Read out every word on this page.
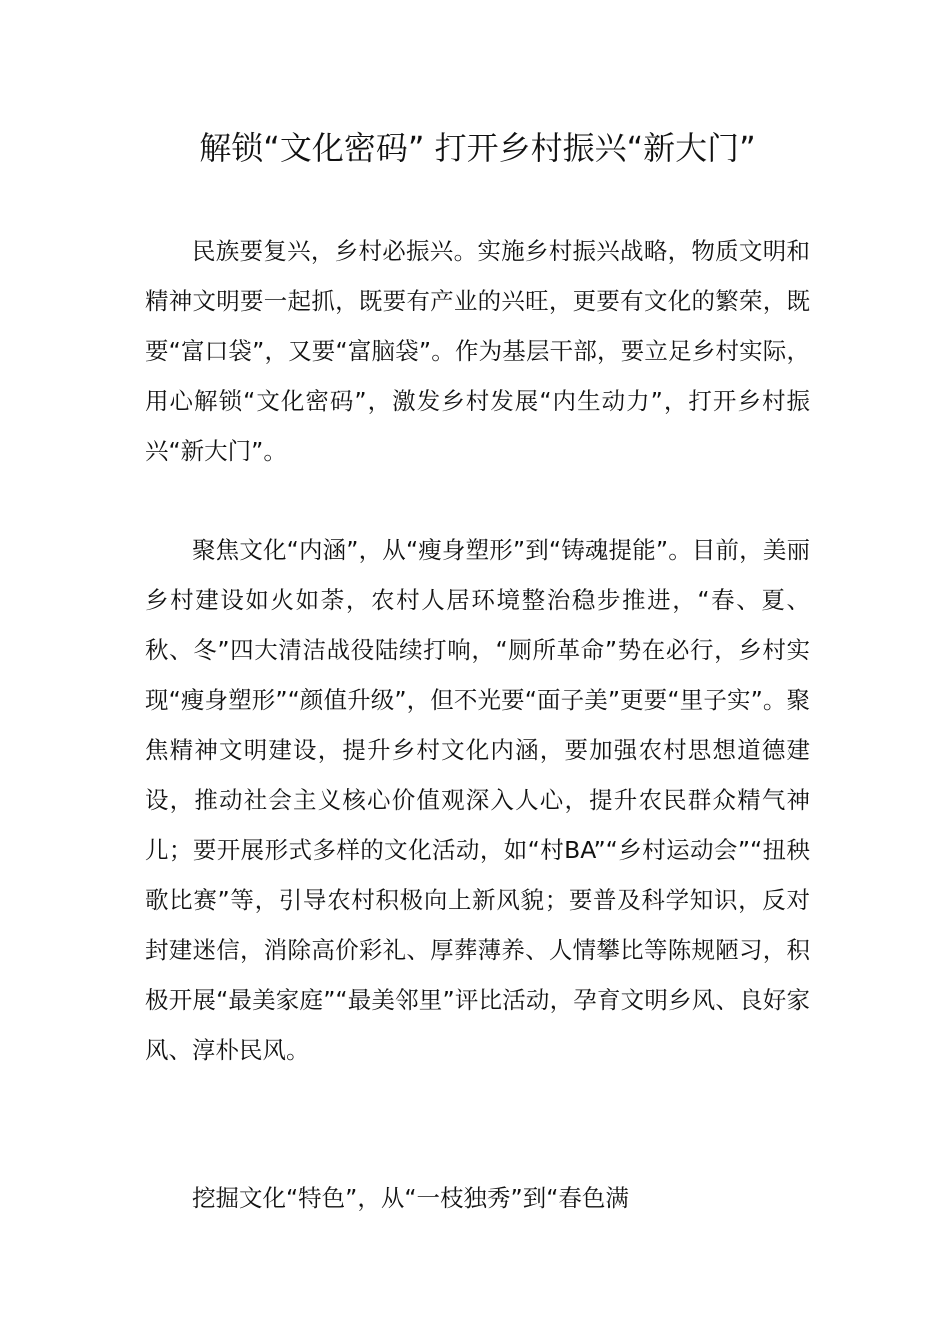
解锁“文化密码” 打开乡村振兴“新大门”

民族要复兴，乡村必振兴。实施乡村振兴战略，物质文明和精神文明要一起抓，既要有产业的兴旺，更要有文化的繁荣，既要“富口袋”，又要“富脑袋”。作为基层干部，要立足乡村实际，用心解锁“文化密码”，激发乡村发展“内生动力”，打开乡村振兴“新大门”。

聚焦文化“内涵”，从“瘦身塑形”到“铸魂提能”。目前，美丽乡村建设如火如荼，农村人居环境整治稳步推进，“春、夏、秋、冬”四大清洁战役陆续打响，“厕所革命”势在必行，乡村实现“瘦身塑形”“颜值升级”，但不光要“面子美”更要“里子实”。聚焦精神文明建设，提升乡村文化内涵，要加强农村思想道德建设，推动社会主义核心价值观深入人心，提升农民群众精气神儿；要开展形式多样的文化活动，如“村BA”“乡村运动会”“扭秧歌比赛”等，引导农村积极向上新风貌；要普及科学知识，反对封建迷信，消除高价彩礼、厚葬薄养、人情攀比等陈规陋习，积极开展“最美家庭”“最美邻里”评比活动，孕育文明乡风、良好家风、淳朴民风。

挖掘文化“特色”，从“一枝独秀”到“春色满
